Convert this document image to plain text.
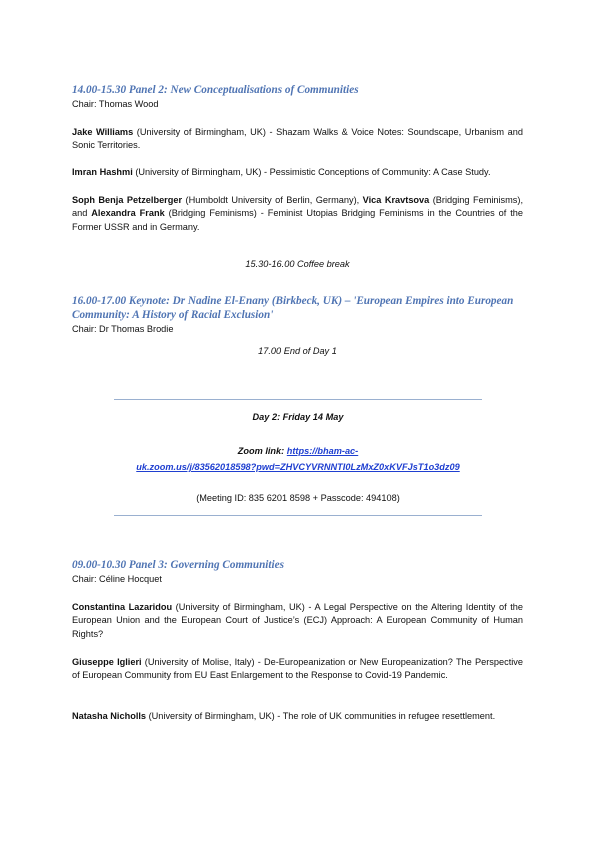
14.00-15.30 Panel 2: New Conceptualisations of Communities

Chair: Thomas Wood

Jake Williams (University of Birmingham, UK) - Shazam Walks & Voice Notes: Soundscape, Urbanism and Sonic Territories.

Imran Hashmi (University of Birmingham, UK) - Pessimistic Conceptions of Community: A Case Study.

Soph Benja Petzelberger (Humboldt University of Berlin, Germany), Vica Kravtsova (Bridging Feminisms), and Alexandra Frank (Bridging Feminisms) - Feminist Utopias Bridging Feminisms in the Countries of the Former USSR and in Germany.

15.30-16.00 Coffee break

16.00-17.00 Keynote: Dr Nadine El-Enany (Birkbeck, UK) – 'European Empires into European Community: A History of Racial Exclusion'

Chair: Dr Thomas Brodie

17.00 End of Day 1
Day 2: Friday 14 May
Zoom link: https://bham-ac-
uk.zoom.us/j/83562018598?pwd=ZHVCYVRNNTI0LzMxZ0xKVFJsT1o3dz09
(Meeting ID: 835 6201 8598 + Passcode: 494108)

09.00-10.30 Panel 3: Governing Communities

Chair: Céline Hocquet

Constantina Lazaridou (University of Birmingham, UK) - A Legal Perspective on the Altering Identity of the European Union and the European Court of Justice’s (ECJ) Approach: A European Community of Human Rights?

Giuseppe Iglieri (University of Molise, Italy) - De-Europeanization or New Europeanization? The Perspective of European Community from EU East Enlargement to the Response to Covid-19 Pandemic.

Natasha Nicholls (University of Birmingham, UK) - The role of UK communities in refugee resettlement.
